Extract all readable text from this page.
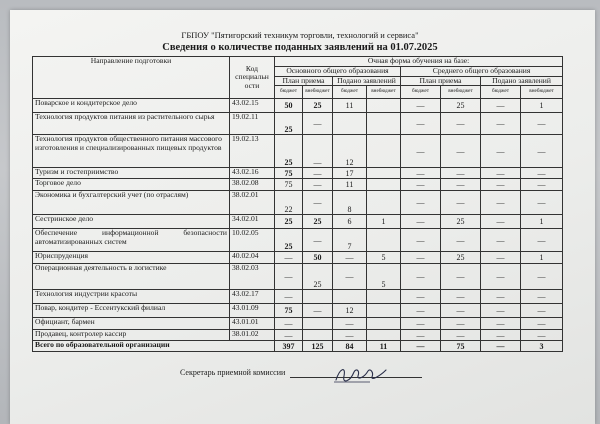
ГБПОУ "Пятигорский техникум торговли, технологий и сервиса"
Сведения о количестве поданных заявлений на 01.07.2025
Направление подготовки	Код
специальн
ости	Очная форма обучения на базе:							
		Основного общего образования				Среднего общего образования			
		План приема		Подано заявлений		План приема		Подано заявлений	
		бюджет	внебюджет	бюджет	внебюджет	бюджет	внебюджет	бюджет	внебюджет
Поварское и кондитерское дело	43.02.15	50	25	11		—	25	—	1
Технология продуктов питания из растительного сырья	19.02.11	25	—			—	—	—	—
Технология продуктов общественного питания массового изготовления и специализированных пищевых продуктов	19.02.13	25	—	12		—	—	—	—
Туризм и гостеприимство	43.02.16	75	—	17		—	—	—	—
Торговое дело	38.02.08	75	—	11		—	—	—	—
Экономика и бухгалтерский учет (по отраслям)	38.02.01	22	—	8		—	—	—	—
Сестринское дело	34.02.01	25	25	6	1	—	25	—	1
Обеспечение информационной безопасности автоматизированных систем	10.02.05	25	—	7		—	—	—	—
Юриспруденция	40.02.04	—	50	—	5	—	25	—	1
Операционная деятельность в логистике	38.02.03	—	25	—	5	—	—	—	—
Технология индустрии красоты	43.02.17	—				—	—	—	—
Повар, кондитер - Ессентукский филиал	43.01.09	75	—	12		—	—	—	—
Официант, бармен	43.01.01	—		—		—	—	—	—
Продавец, контролер кассир	38.01.02	—		—		—	—	—	—
Всего по образовательной организации		397	125	84	11	—	75	—	3
Секретарь приемной комиссии
